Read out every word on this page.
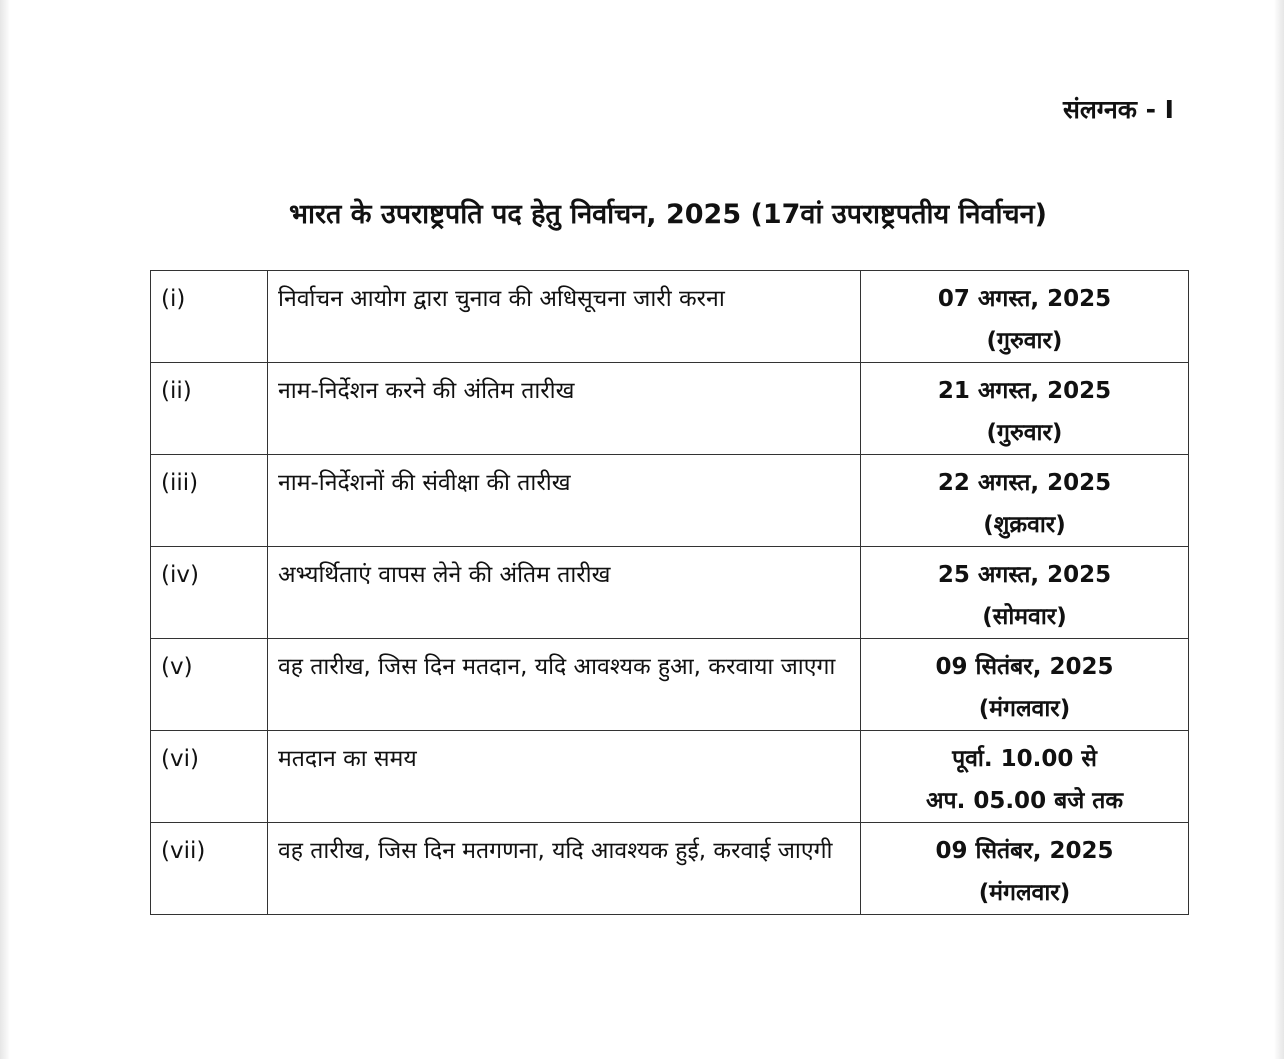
संलग्नक - I
भारत के उपराष्ट्रपति पद हेतु निर्वाचन, 2025 (17वां उपराष्ट्रपतीय निर्वाचन)
(i)	निर्वाचन आयोग द्वारा चुनाव की अधिसूचना जारी करना	07 अगस्त, 2025
(गुरुवार)

(ii)	नाम-निर्देशन करने की अंतिम तारीख	21 अगस्त, 2025
(गुरुवार)

(iii)	नाम-निर्देशनों की संवीक्षा की तारीख	22 अगस्त, 2025
(शुक्रवार)

(iv)	अभ्यर्थिताएं वापस लेने की अंतिम तारीख	25 अगस्त, 2025
(सोमवार)

(v)	वह तारीख, जिस दिन मतदान, यदि आवश्यक हुआ, करवाया जाएगा	09 सितंबर, 2025
(मंगलवार)

(vi)	मतदान का समय	पूर्वा. 10.00 से
अप. 05.00 बजे तक

(vii)	वह तारीख, जिस दिन मतगणना, यदि आवश्यक हुई, करवाई जाएगी	09 सितंबर, 2025
(मंगलवार)
